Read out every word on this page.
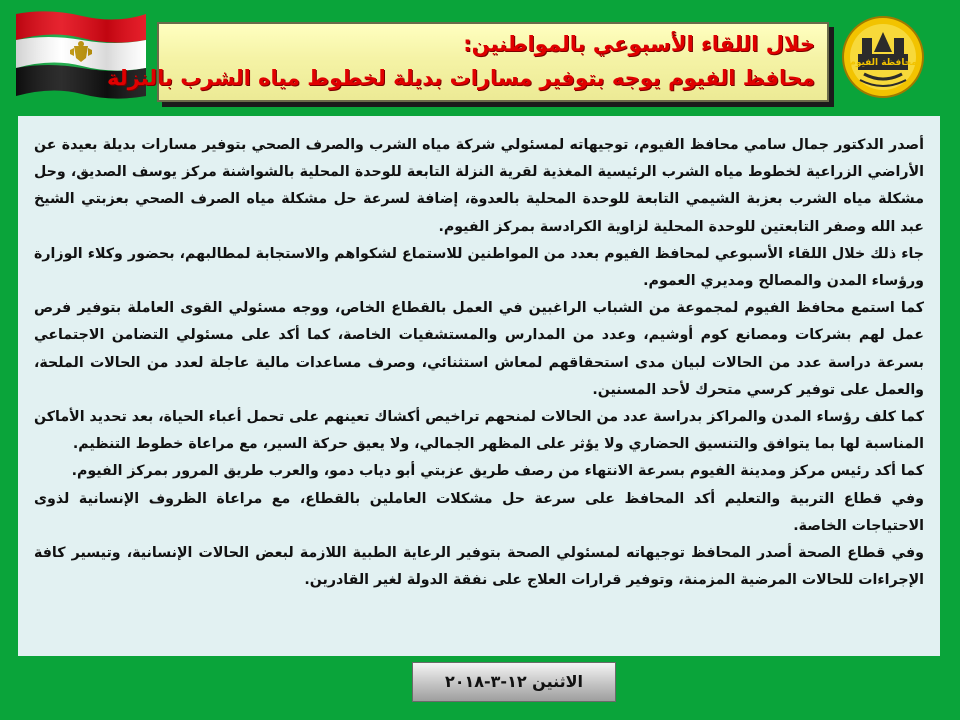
خلال اللقاء الأسبوعي بالمواطنين:
محافظ الفيوم يوجه بتوفير مسارات بديلة لخطوط مياه الشرب بالنزلة
محافظة الفيوم

أصدر الدكتور جمال سامي محافظ الفيوم، توجيهاته لمسئولي شركة مياه الشرب والصرف الصحي بتوفير مسارات بديلة بعيدة عن الأراضي الزراعية لخطوط مياه الشرب الرئيسية المغذية لقرية النزلة التابعة للوحدة المحلية بالشواشنة مركز يوسف الصديق، وحل مشكلة مياه الشرب بعزبة الشيمي التابعة للوحدة المحلية بالعدوة، إضافة لسرعة حل مشكلة مياه الصرف الصحي بعزبتي الشيخ عبد الله وصفر التابعتين للوحدة المحلية لزاوية الكرادسة بمركز الفيوم.

جاء ذلك خلال اللقاء الأسبوعي لمحافظ الفيوم بعدد من المواطنين للاستماع لشكواهم والاستجابة لمطالبهم، بحضور وكلاء الوزارة ورؤساء المدن والمصالح ومديري العموم.

كما استمع محافظ الفيوم لمجموعة من الشباب الراغبين في العمل بالقطاع الخاص، ووجه مسئولي القوى العاملة بتوفير فرص عمل لهم بشركات ومصانع كوم أوشيم، وعدد من المدارس والمستشفيات الخاصة، كما أكد على مسئولي التضامن الاجتماعي بسرعة دراسة عدد من الحالات لبيان مدى استحقاقهم لمعاش استثنائي، وصرف مساعدات مالية عاجلة لعدد من الحالات الملحة، والعمل على توفير كرسي متحرك لأحد المسنين.

كما كلف رؤساء المدن والمراكز بدراسة عدد من الحالات لمنحهم تراخيص أكشاك تعينهم على تحمل أعباء الحياة، بعد تحديد الأماكن المناسبة لها بما يتوافق والتنسيق الحضاري ولا يؤثر على المظهر الجمالي، ولا يعيق حركة السير، مع مراعاة خطوط التنظيم.

كما أكد رئيس مركز ومدينة الفيوم بسرعة الانتهاء من رصف طريق عزبتي أبو دياب دمو، والعرب طريق المرور بمركز الفيوم.

وفي قطاع التربية والتعليم أكد المحافظ على سرعة حل مشكلات العاملين بالقطاع، مع مراعاة الظروف الإنسانية لذوى الاحتياجات الخاصة.

وفي قطاع الصحة أصدر المحافظ توجيهاته لمسئولي الصحة بتوفير الرعاية الطبية اللازمة لبعض الحالات الإنسانية، وتيسير كافة الإجراءات للحالات المرضية المزمنة، وتوفير قرارات العلاج على نفقة الدولة لغير القادرين.

الاثنين ١٢-٣-٢٠١٨
